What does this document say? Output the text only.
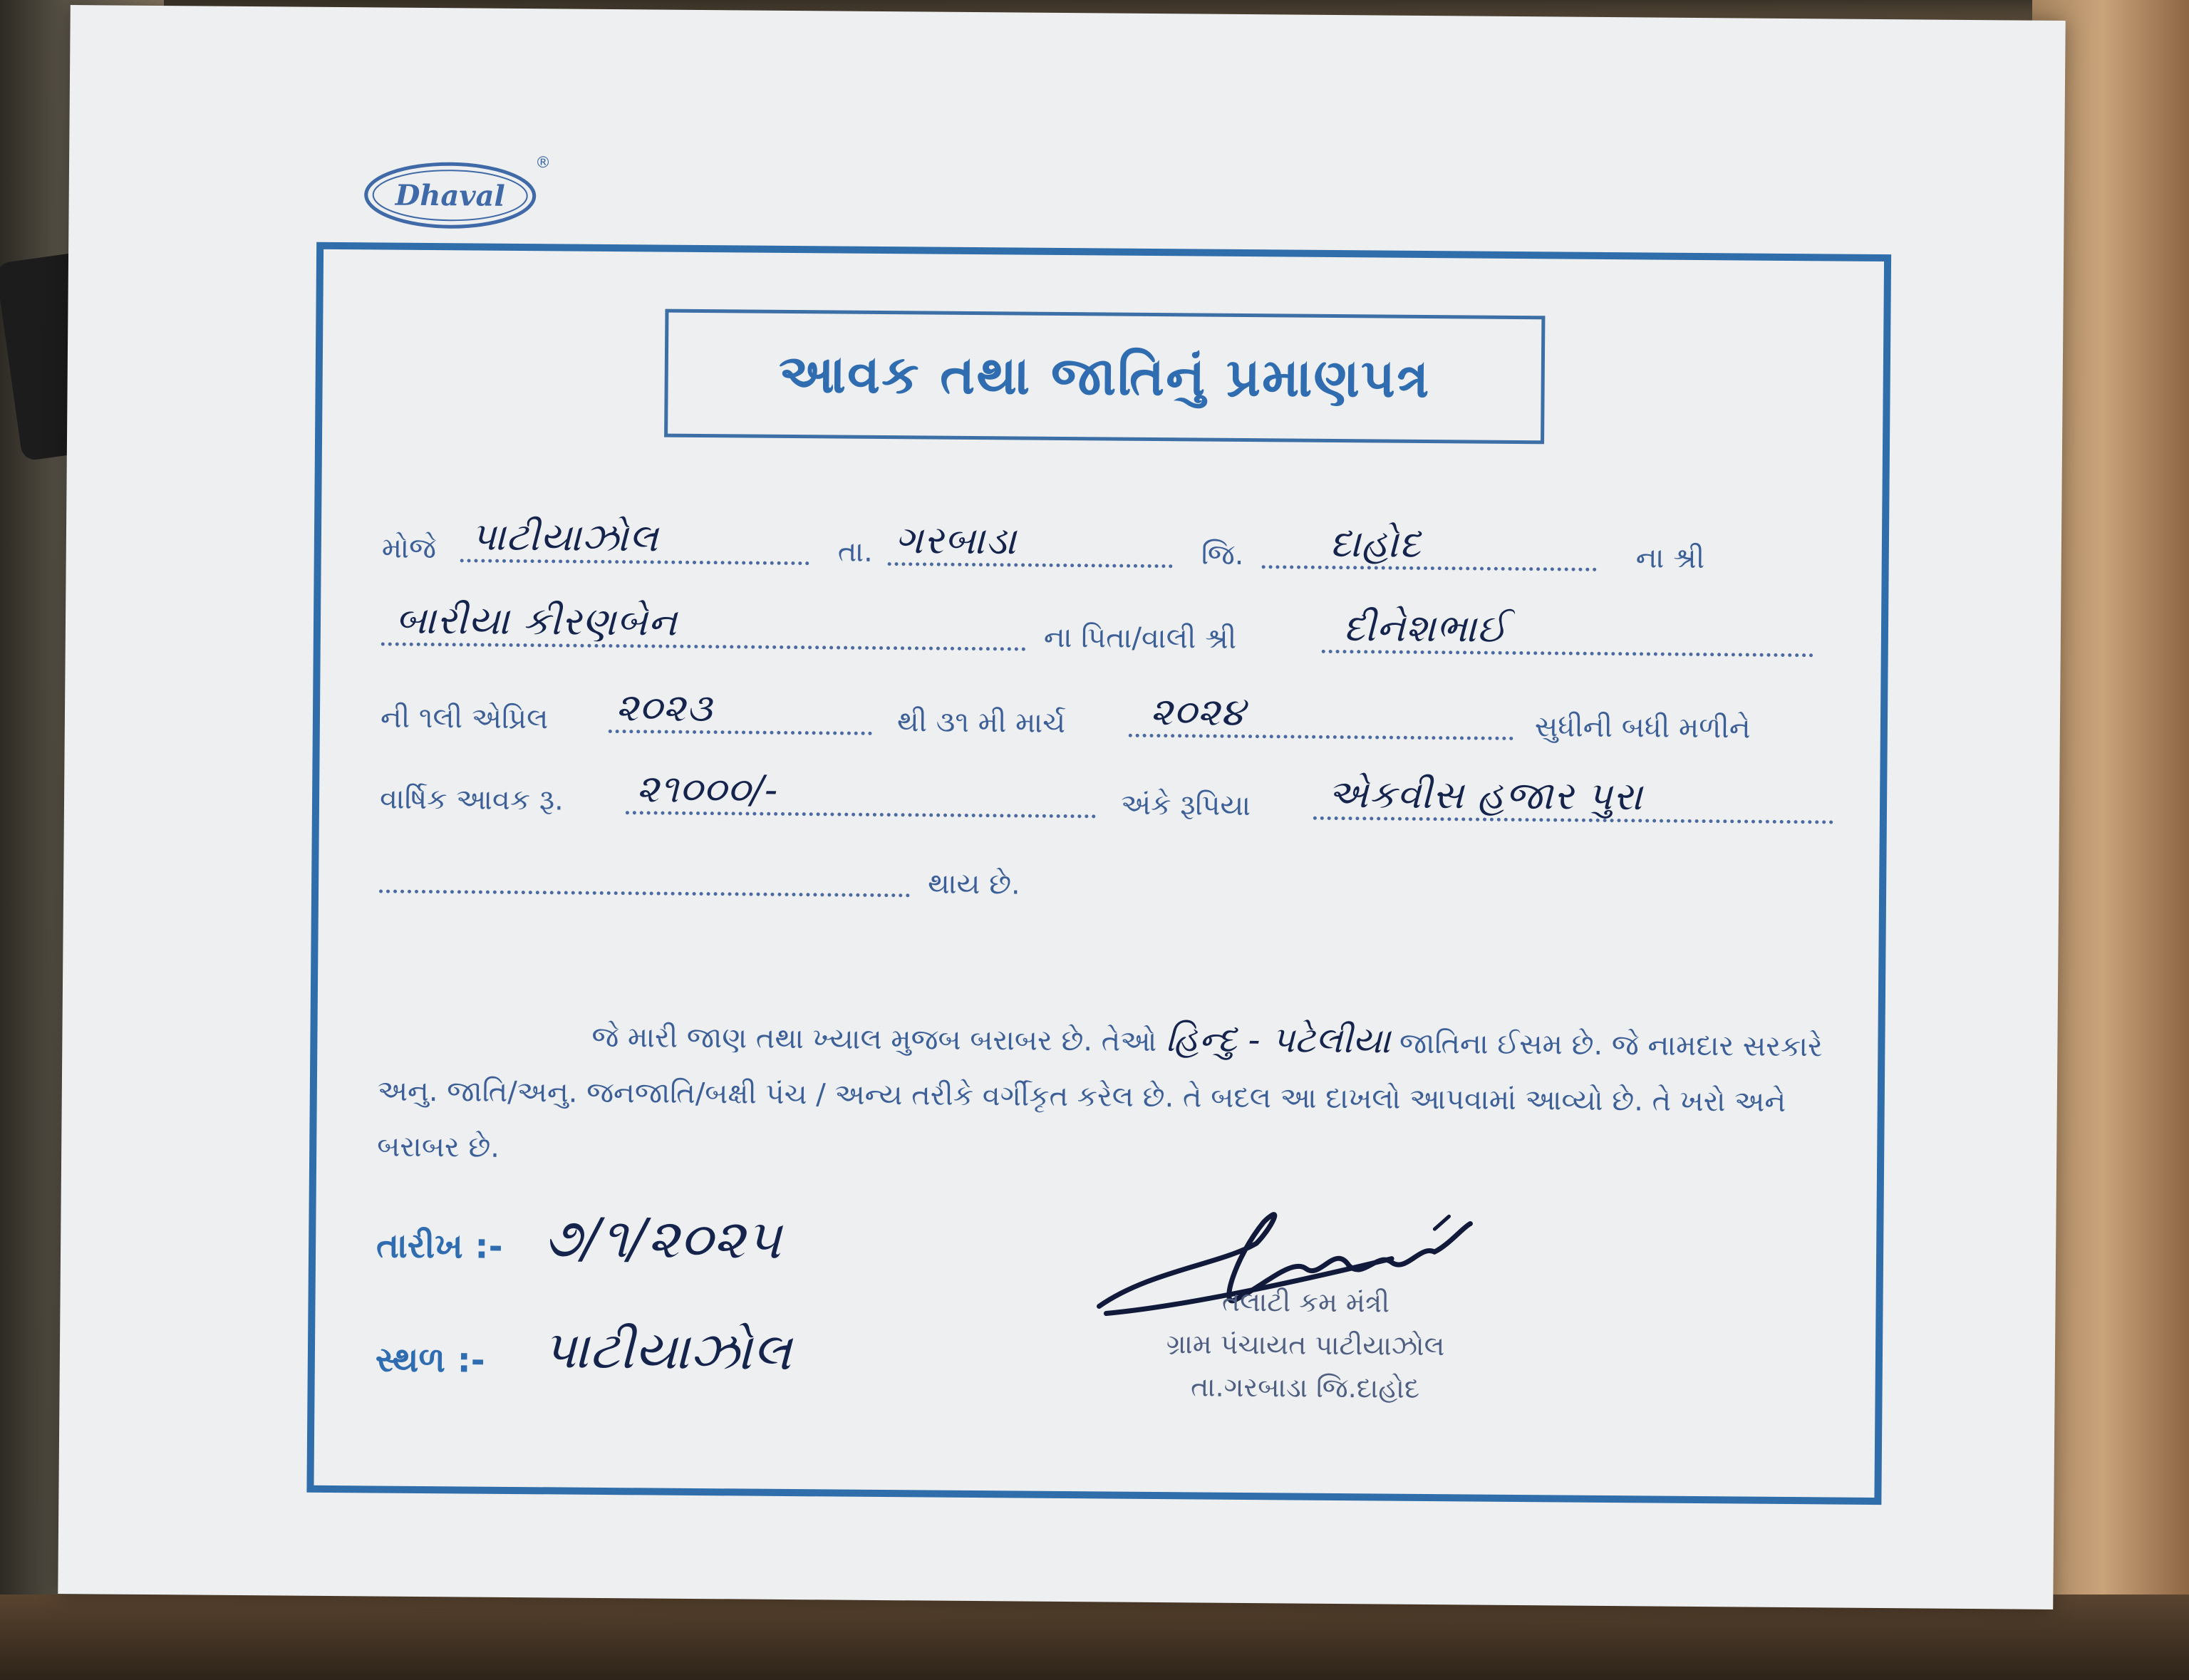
Dhaval
®
આવક તથા જાતિનું પ્રમાણપત્ર
મોજે પાટીયાઝોલ	તા. ગરબાડા	જિ. દાહોદ	ના શ્રી
બારીયા કીરણબેન	ના પિતા/વાલી શ્રી	દીનેશભાઈ
ની ૧લી એપ્રિલ ૨૦૨૩	થી ૩૧ મી માર્ચ ૨૦૨૪	સુધીની બધી મળીને
વાર્ષિક આવક રૂ. ૨૧૦૦૦/-	અંકે રૂપિયા એકવીસ હજાર પુરા
થાય છે.
જે મારી જાણ તથા ખ્યાલ મુજબ બરાબર છે. તેઓ હિન્દુ - પટેલીયા જાતિના ઈસમ છે. જે નામદાર સરકારે અનુ. જાતિ/અનુ. જનજાતિ/બક્ષી પંચ / અન્ય તરીકે વર્ગીકૃત કરેલ છે. તે બદલ આ દાખલો આપવામાં આવ્યો છે. તે ખરો અને બરાબર છે.
તારીખ :- ૭/૧/૨૦૨૫
સ્થળ :- પાટીયાઝોલ
તલાટી કમ મંત્રી
ગ્રામ પંચાયત પાટીયાઝોલ
તા.ગરબાડા જિ.દાહોદ
